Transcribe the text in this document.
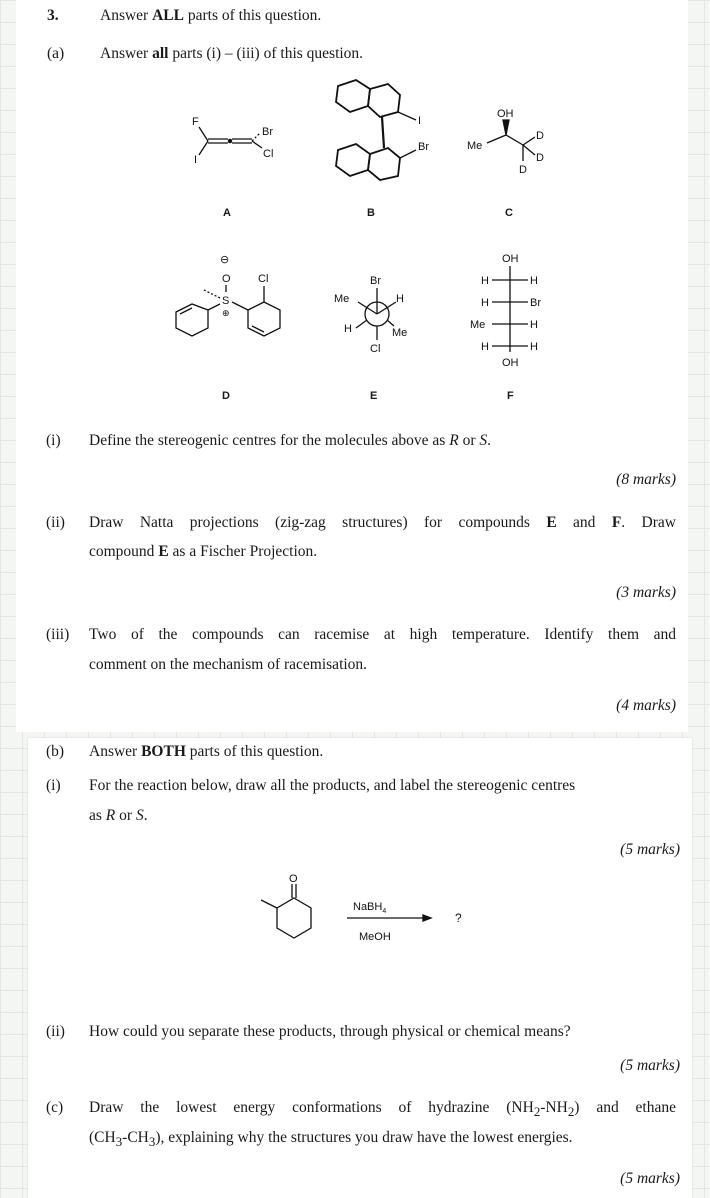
3.	Answer ALL parts of this question.
(a) Answer all parts (i) – (iii) of this question.
F
I
Br
Cl
A
I
Br
B
OH
Me
D
D
D
C
⊖
O
S
⊕
Cl
D
Br
Me	H
H	Me
Cl
E
OH
H	H
H	Br
Me	H
H	H
OH
F
(i) Define the stereogenic centres for the molecules above as R or S.
(8 marks)
(ii) Draw Natta projections (zig-zag structures) for compounds E and F. Draw
compound E as a Fischer Projection.
(3 marks)
(iii) Two of the compounds can racemise at high temperature. Identify them and
comment on the mechanism of racemisation.
(4 marks)
(b) Answer BOTH parts of this question.
(i) For the reaction below, draw all the products, and label the stereogenic centres
as R or S.
(5 marks)
O
NaBH$_4$
MeOH
?
(ii) How could you separate these products, through physical or chemical means?
(5 marks)
(c) Draw the lowest energy conformations of hydrazine $(NH_2-NH_2)$ and ethane
$(CH_3-CH_3)$, explaining why the structures you draw have the lowest energies.
(5 marks)
